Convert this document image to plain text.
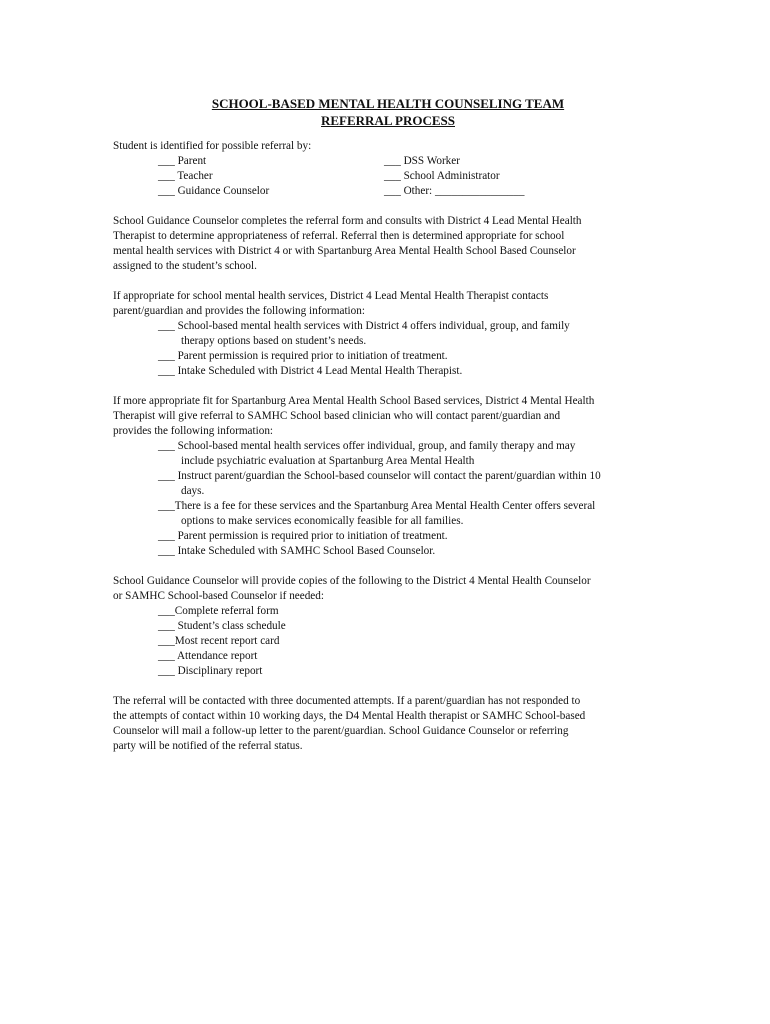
SCHOOL-BASED MENTAL HEALTH COUNSELING TEAM
REFERRAL PROCESS
Student is identified for possible referral by:
___ Parent
___ Teacher
___ Guidance Counselor
___ DSS Worker
___ School Administrator
___ Other: ________________
School Guidance Counselor completes the referral form and consults with District 4 Lead Mental Health
Therapist to determine appropriateness of referral. Referral then is determined appropriate for school
mental health services with District 4 or with Spartanburg Area Mental Health School Based Counselor
assigned to the student’s school.
If appropriate for school mental health services, District 4 Lead Mental Health Therapist contacts
parent/guardian and provides the following information:
___ School-based mental health services with District 4 offers individual, group, and family
therapy options based on student’s needs.
___ Parent permission is required prior to initiation of treatment.
___ Intake Scheduled with District 4 Lead Mental Health Therapist.
If more appropriate fit for Spartanburg Area Mental Health School Based services, District 4 Mental Health
Therapist will give referral to SAMHC School based clinician who will contact parent/guardian and
provides the following information:
___ School-based mental health services offer individual, group, and family therapy and may
include psychiatric evaluation at Spartanburg Area Mental Health
___ Instruct parent/guardian the School-based counselor will contact the parent/guardian within 10
days.
___There is a fee for these services and the Spartanburg Area Mental Health Center offers several
options to make services economically feasible for all families.
___ Parent permission is required prior to initiation of treatment.
___ Intake Scheduled with SAMHC School Based Counselor.
School Guidance Counselor will provide copies of the following to the District 4 Mental Health Counselor
or SAMHC School-based Counselor if needed:
___Complete referral form
___ Student’s class schedule
___Most recent report card
___ Attendance report
___ Disciplinary report
The referral will be contacted with three documented attempts. If a parent/guardian has not responded to
the attempts of contact within 10 working days, the D4 Mental Health therapist or SAMHC School-based
Counselor will mail a follow-up letter to the parent/guardian. School Guidance Counselor or referring
party will be notified of the referral status.
